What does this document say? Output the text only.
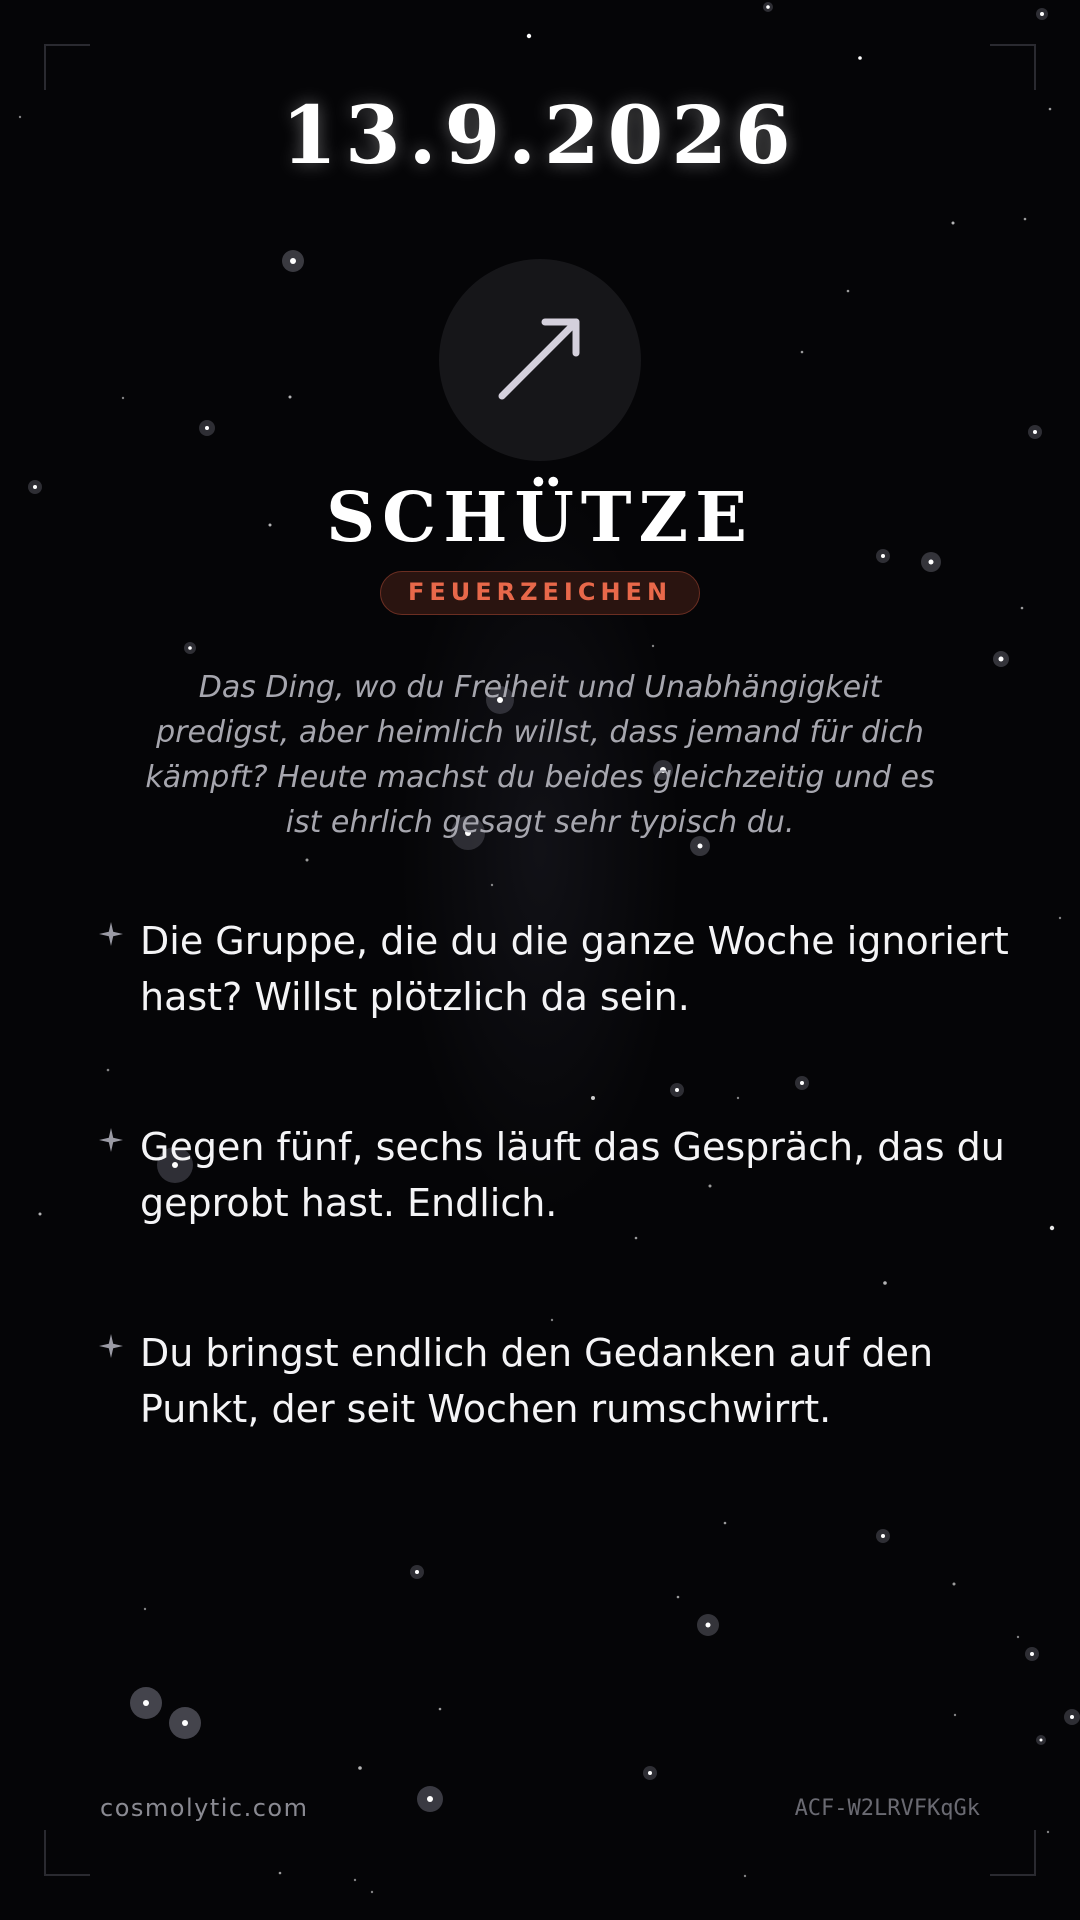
13.9.2026
SCHÜTZE
FEUERZEICHEN
Das Ding, wo du Freiheit und Unabhängigkeit predigst, aber heimlich willst, dass jemand für dich kämpft? Heute machst du beides gleichzeitig und es ist ehrlich gesagt sehr typisch du.
Die Gruppe, die du die ganze Woche ignoriert hast? Willst plötzlich da sein.
Gegen fünf, sechs läuft das Gespräch, das du geprobt hast. Endlich.
Du bringst endlich den Gedanken auf den Punkt, der seit Wochen rumschwirrt.
cosmolytic.com	ACF-W2LRVFKqGk
